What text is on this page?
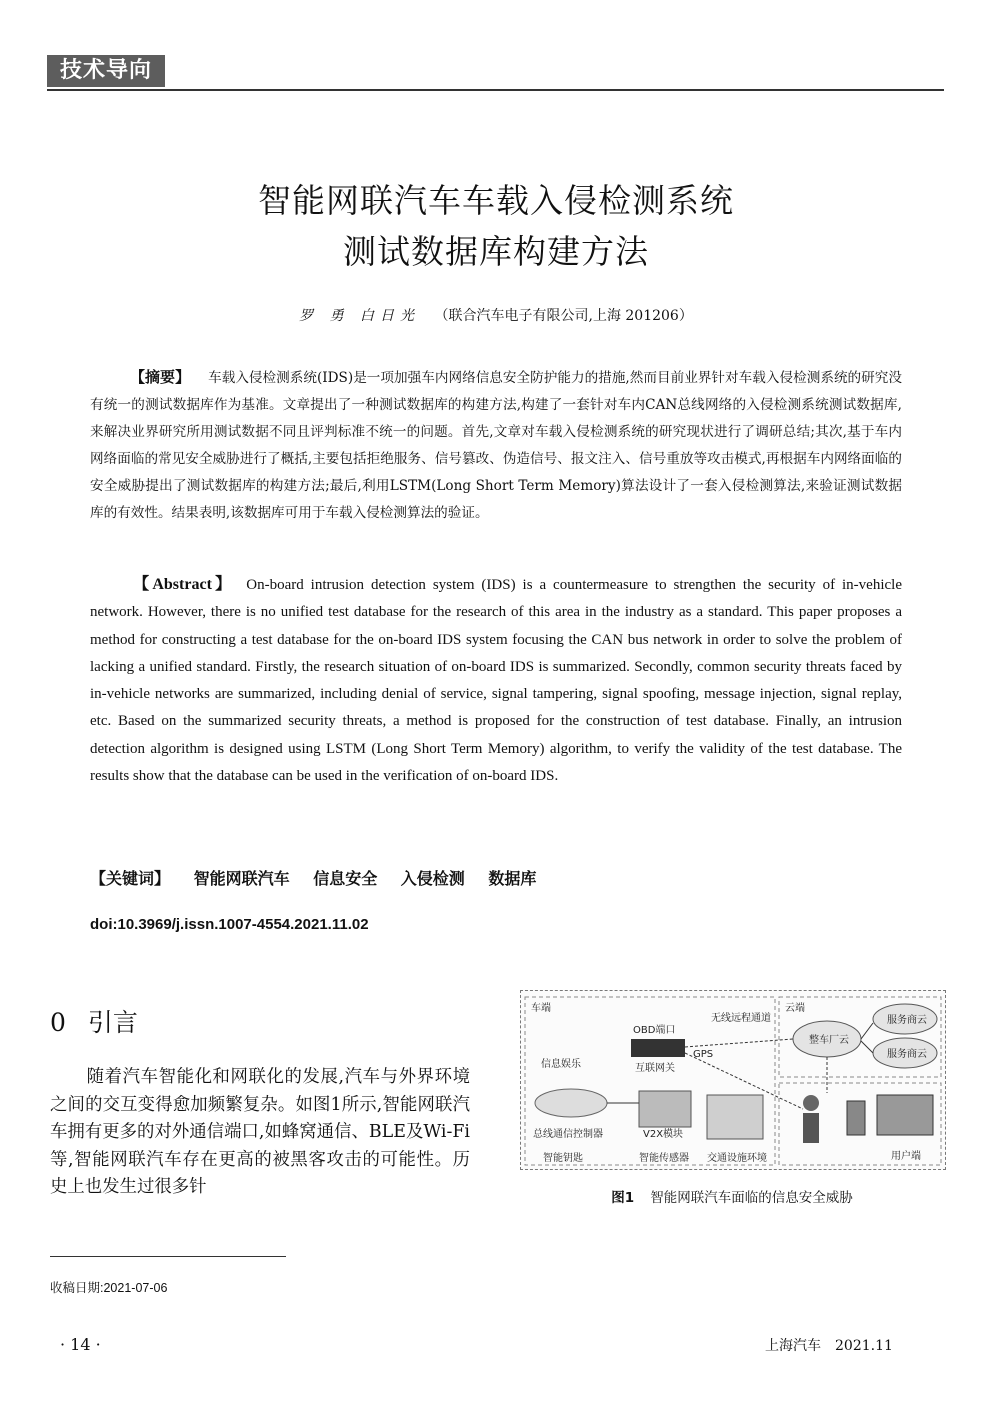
技术导向
智能网联汽车车载入侵检测系统
测试数据库构建方法
罗 勇 白日光 （联合汽车电子有限公司,上海 201206）
【摘要】 车载入侵检测系统(IDS)是一项加强车内网络信息安全防护能力的措施,然而目前业界针对车载入侵检测系统的研究没有统一的测试数据库作为基准。文章提出了一种测试数据库的构建方法,构建了一套针对车内CAN总线网络的入侵检测系统测试数据库,来解决业界研究所用测试数据不同且评判标准不统一的问题。首先,文章对车载入侵检测系统的研究现状进行了调研总结;其次,基于车内网络面临的常见安全威胁进行了概括,主要包括拒绝服务、信号篡改、伪造信号、报文注入、信号重放等攻击模式,再根据车内网络面临的安全威胁提出了测试数据库的构建方法;最后,利用LSTM(Long Short Term Memory)算法设计了一套入侵检测算法,来验证测试数据库的有效性。结果表明,该数据库可用于车载入侵检测算法的验证。
【Abstract】 On-board intrusion detection system (IDS) is a countermeasure to strengthen the security of in-vehicle network. However, there is no unified test database for the research of this area in the industry as a standard. This paper proposes a method for constructing a test database for the on-board IDS system focusing the CAN bus network in order to solve the problem of lacking a unified standard. Firstly, the research situation of on-board IDS is summarized. Secondly, common security threats faced by in-vehicle networks are summarized, including denial of service, signal tampering, signal spoofing, message injection, signal replay, etc. Based on the summarized security threats, a method is proposed for the construction of test database. Finally, an intrusion detection algorithm is designed using LSTM (Long Short Term Memory) algorithm, to verify the validity of the test database. The results show that the database can be used in the verification of on-board IDS.
【关键词】 智能网联汽车 信息安全 入侵检测 数据库
doi:10.3969/j.issn.1007-4554.2021.11.02
0 引言
随着汽车智能化和网联化的发展,汽车与外界环境之间的交互变得愈加频繁复杂。如图1所示,智能网联汽车拥有更多的对外通信端口,如蜂窝通信、BLE及Wi-Fi等,智能网联汽车存在更高的被黑客攻击的可能性。历史上也发生过很多针
车端	云端
用户端
整车厂云
服务商云
服务商云
互联网关
OBD端口
GPS
无线远程通道
信息娱乐
总线通信控制器
智能钥匙
V2X模块
智能传感器 交通设施环境
图1 智能网联汽车面临的信息安全威胁
收稿日期:2021-07-06
· 14 ·	上海汽车 2021.11
